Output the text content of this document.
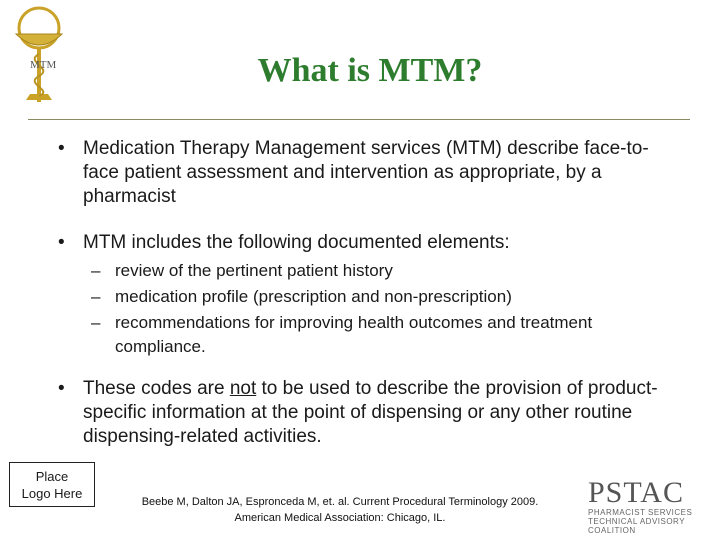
MTM	What is MTM?
• Medication Therapy Management services (MTM) describe face-to-face patient assessment and intervention as appropriate, by a pharmacist
• MTM includes the following documented elements:
– review of the pertinent patient history
– medication profile (prescription and non-prescription)
– recommendations for improving health outcomes and treatment compliance.
• These codes are not to be used to describe the provision of product-specific information at the point of dispensing or any other routine dispensing-related activities.
Place
Logo Here
Beebe M, Dalton JA, Espronceda M, et. al. Current Procedural Terminology 2009.
American Medical Association: Chicago, IL.
PSTAC
PHARMACIST SERVICES
TECHNICAL ADVISORY COALITION
